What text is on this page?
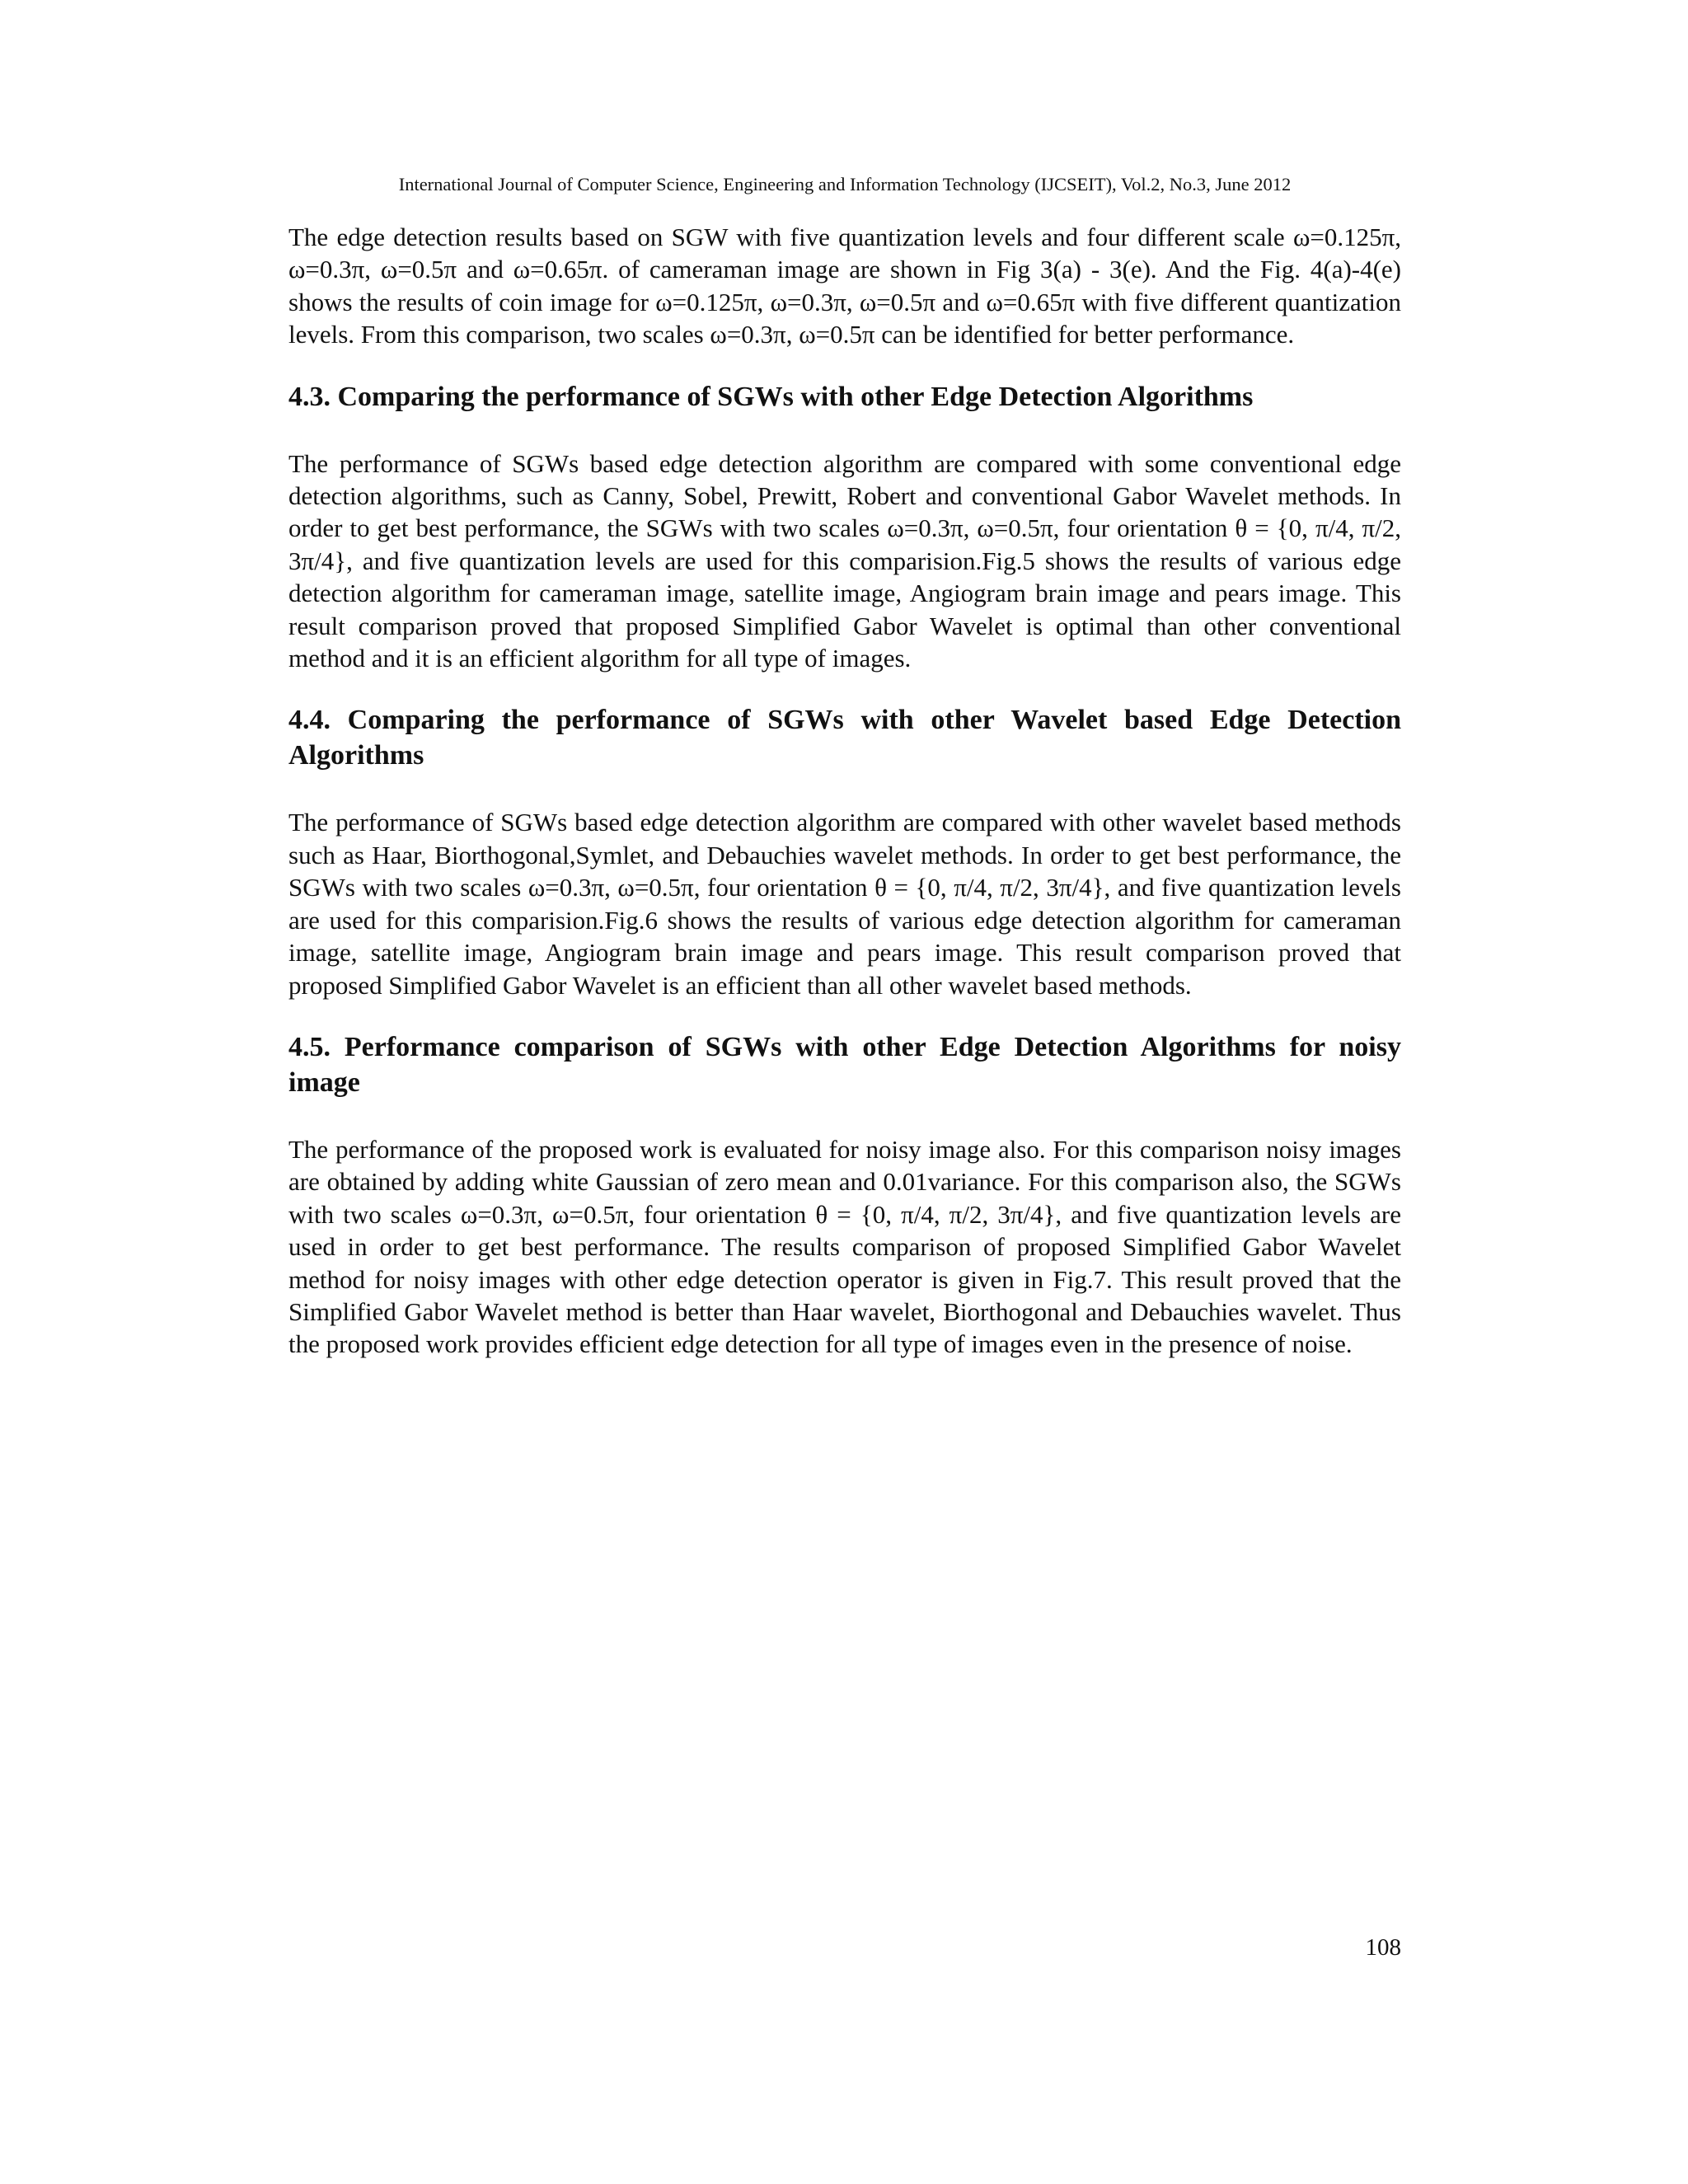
International Journal of Computer Science, Engineering and Information Technology (IJCSEIT), Vol.2, No.3, June 2012

The edge detection results based on SGW with five quantization levels and four different scale ω=0.125π, ω=0.3π, ω=0.5π and ω=0.65π. of cameraman image are shown in Fig 3(a) - 3(e). And the Fig. 4(a)-4(e) shows the results of coin image for ω=0.125π, ω=0.3π, ω=0.5π and ω=0.65π with five different quantization levels. From this comparison, two scales ω=0.3π, ω=0.5π can be identified for better performance.

4.3. Comparing the performance of SGWs with other Edge Detection Algorithms

The performance of SGWs based edge detection algorithm are compared with some conventional edge detection algorithms, such as Canny, Sobel, Prewitt, Robert and conventional Gabor Wavelet methods. In order to get best performance, the SGWs with two scales ω=0.3π, ω=0.5π, four orientation θ = {0, π/4, π/2, 3π/4}, and five quantization levels are used for this comparision.Fig.5 shows the results of various edge detection algorithm for cameraman image, satellite image, Angiogram brain image and pears image. This result comparison proved that proposed Simplified Gabor Wavelet is optimal than other conventional method and it is an efficient algorithm for all type of images.

4.4. Comparing the performance of SGWs with other Wavelet based Edge Detection Algorithms

The performance of SGWs based edge detection algorithm are compared with other wavelet based methods such as Haar, Biorthogonal,Symlet, and Debauchies wavelet methods. In order to get best performance, the SGWs with two scales ω=0.3π, ω=0.5π, four orientation θ = {0, π/4, π/2, 3π/4}, and five quantization levels are used for this comparision.Fig.6 shows the results of various edge detection algorithm for cameraman image, satellite image, Angiogram brain image and pears image. This result comparison proved that proposed Simplified Gabor Wavelet is an efficient than all other wavelet based methods.

4.5. Performance comparison of SGWs with other Edge Detection Algorithms for noisy image

The performance of the proposed work is evaluated for noisy image also. For this comparison noisy images are obtained by adding white Gaussian of zero mean and 0.01variance. For this comparison also, the SGWs with two scales ω=0.3π, ω=0.5π, four orientation θ = {0, π/4, π/2, 3π/4}, and five quantization levels are used in order to get best performance. The results comparison of proposed Simplified Gabor Wavelet method for noisy images with other edge detection operator is given in Fig.7. This result proved that the Simplified Gabor Wavelet method is better than Haar wavelet, Biorthogonal and Debauchies wavelet. Thus the proposed work provides efficient edge detection for all type of images even in the presence of noise.

108
